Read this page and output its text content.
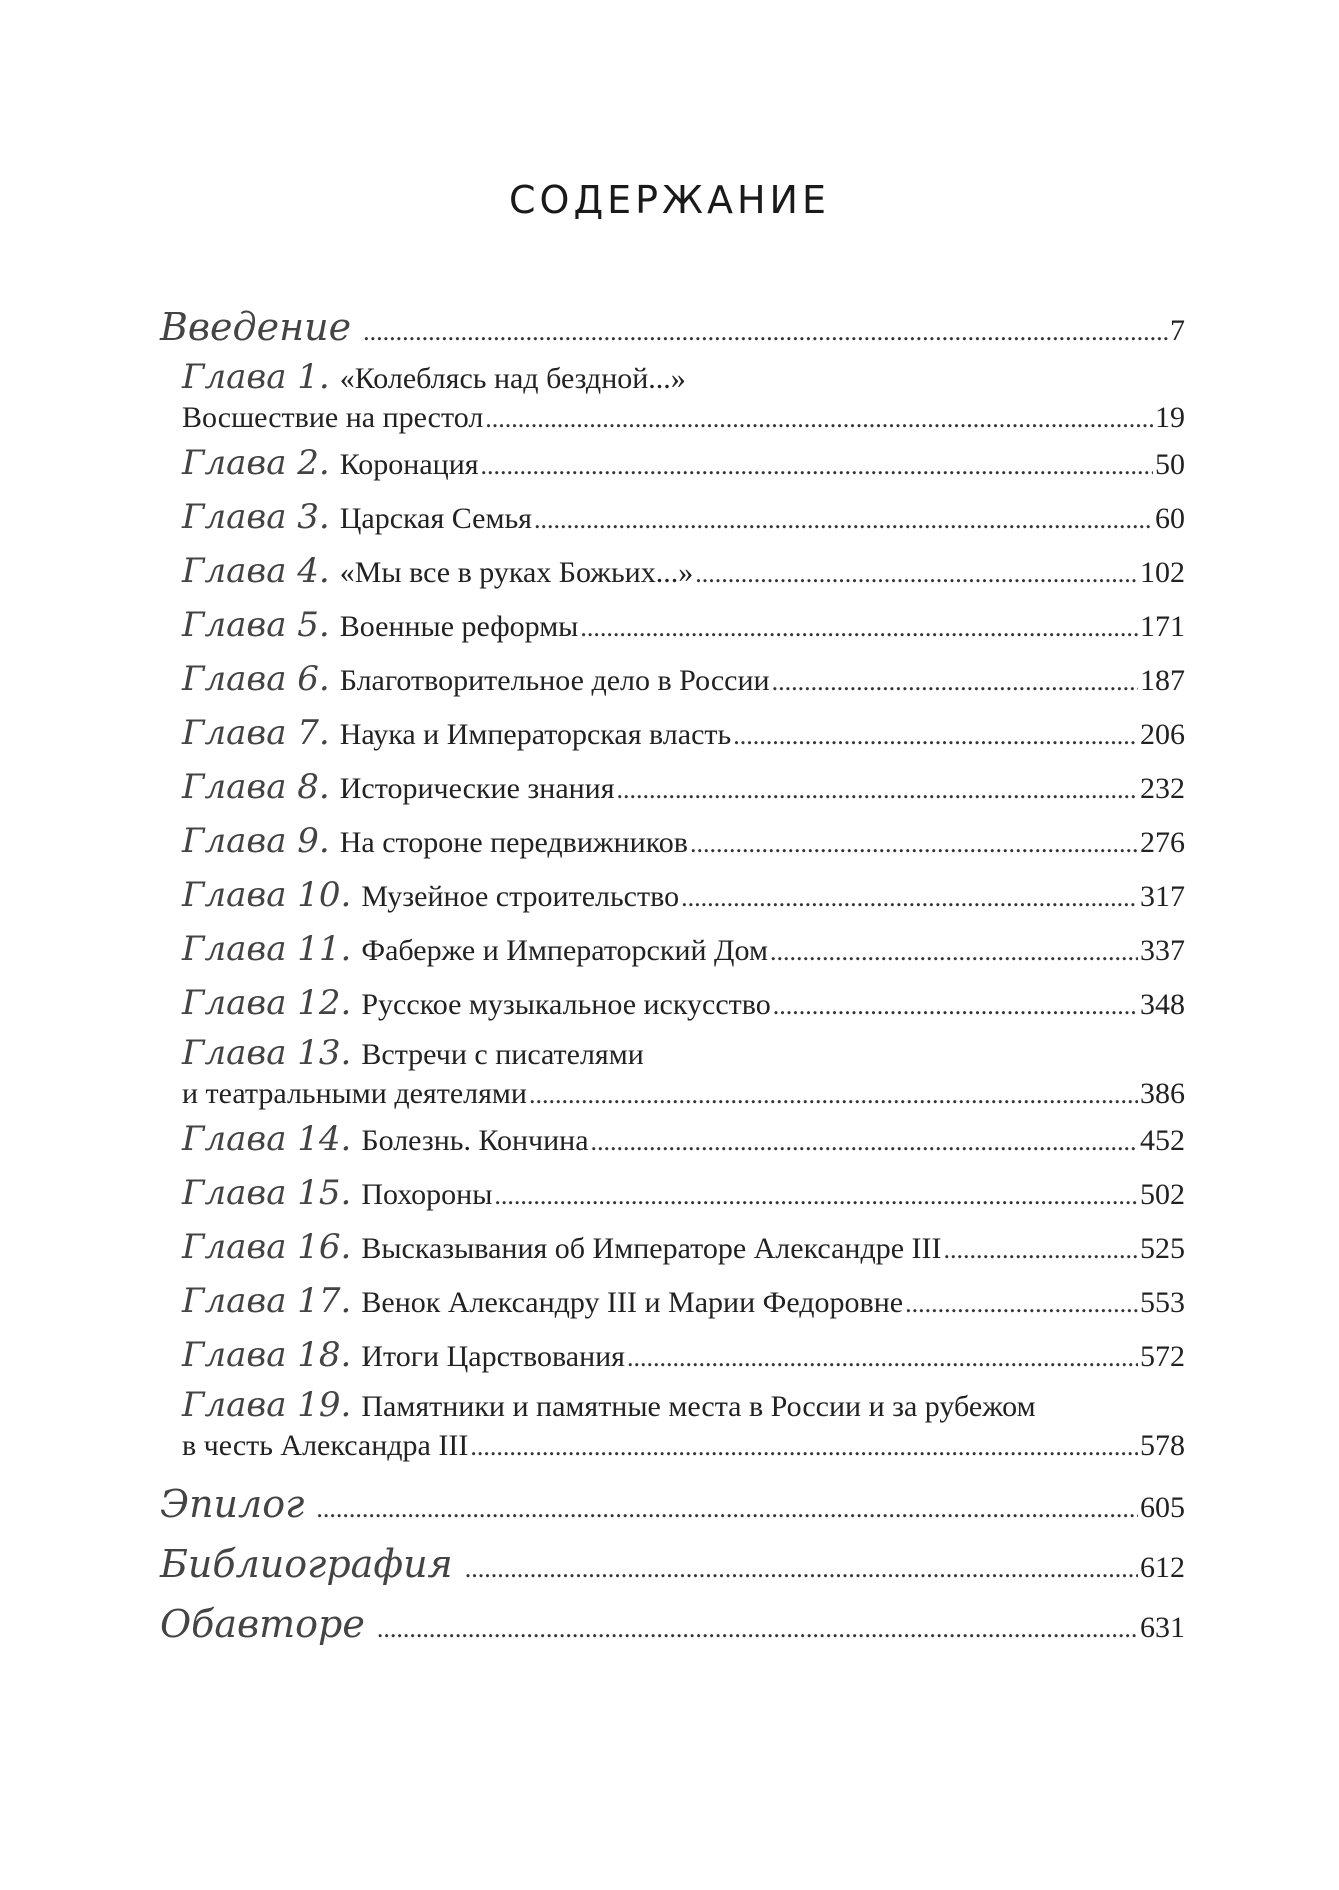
СОДЕРЖАНИЕ
Введение .....	7
Глава 1. «Колеблясь над бездной...»
Восшествие на престол .....	19
Глава 2. Коронация .....	50
Глава 3. Царская Семья .....	60
Глава 4. «Мы все в руках Божьих...» .....	102
Глава 5. Военные реформы .....	171
Глава 6. Благотворительное дело в России .....	187
Глава 7. Наука и Императорская власть .....	206
Глава 8. Исторические знания .....	232
Глава 9. На стороне передвижников .....	276
Глава 10. Музейное строительство .....	317
Глава 11. Фаберже и Императорский Дом .....	337
Глава 12. Русское музыкальное искусство .....	348
Глава 13. Встречи с писателями
и театральными деятелями .....	386
Глава 14. Болезнь. Кончина .....	452
Глава 15. Похороны .....	502
Глава 16. Высказывания об Императоре Александре III .....	525
Глава 17. Венок Александру III и Марии Федоровне .....	553
Глава 18. Итоги Царствования .....	572
Глава 19. Памятники и памятные места в России и за рубежом
в честь Александра III .....	578
Эпилог .....	605
Библиография .....	612
Обавторе .....	631
